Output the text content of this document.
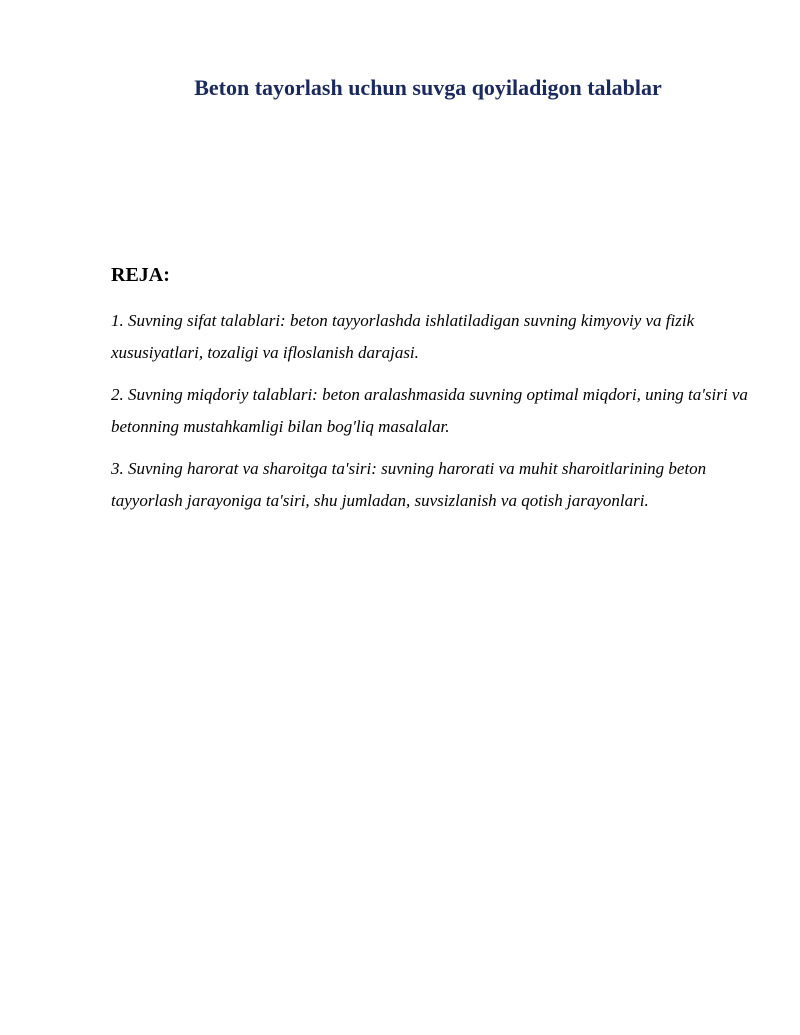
Beton tayorlash uchun suvga qoyiladigon talablar
REJA:
1. Suvning sifat talablari: beton tayyorlashda ishlatiladigan suvning kimyoviy va fizik xususiyatlari, tozaligi va ifloslanish darajasi.
2. Suvning miqdoriy talablari: beton aralashmasida suvning optimal miqdori, uning ta'siri va betonning mustahkamligi bilan bog'liq masalalar.
3. Suvning harorat va sharoitga ta'siri: suvning harorati va muhit sharoitlarining beton tayyorlash jarayoniga ta'siri, shu jumladan, suvsizlanish va qotish jarayonlari.
